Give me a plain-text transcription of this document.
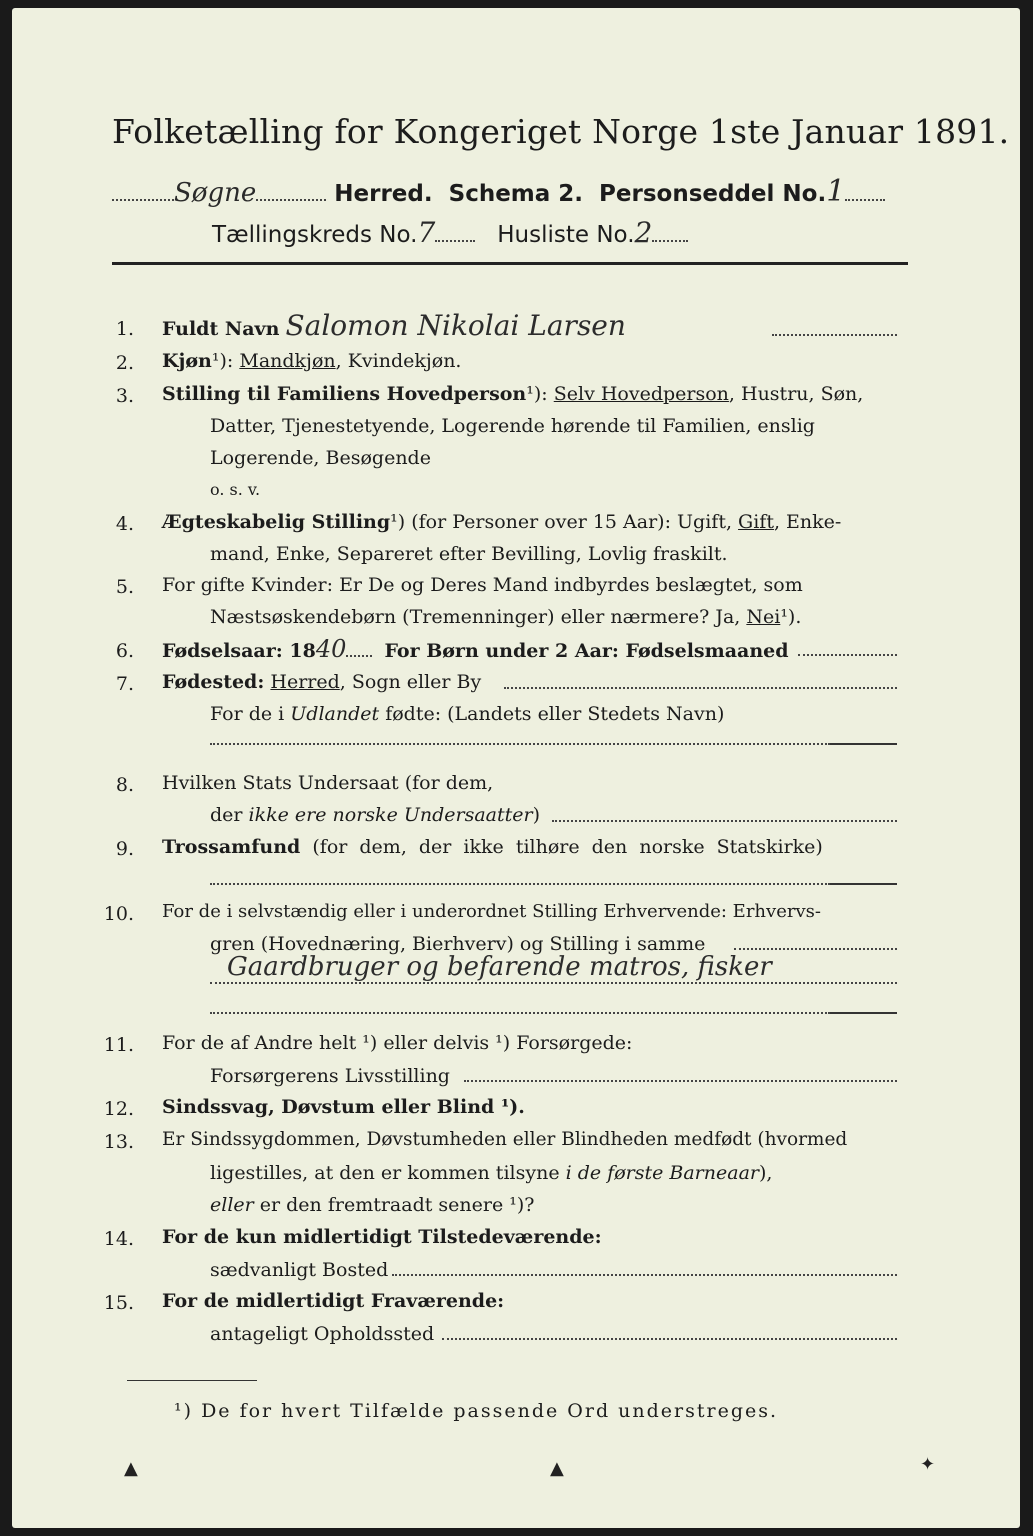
Folketælling for Kongeriget Norge 1ste Januar 1891.
Søgne	Herred. Schema 2. Personseddel No.1
Tællingskreds No.7	Husliste No.2
1. Fuldt Navn Salomon Nikolai Larsen
2. Kjøn¹): Mandkjøn, Kvindekjøn.
3. Stilling til Familiens Hovedperson¹): Selv Hovedperson, Hustru, Søn,
Datter, Tjenestetyende, Logerende hørende til Familien, enslig
Logerende, Besøgende
o. s. v.
4. Ægteskabelig Stilling¹) (for Personer over 15 Aar): Ugift, Gift, Enke-
mand, Enke, Separeret efter Bevilling, Lovlig fraskilt.
5. For gifte Kvinder: Er De og Deres Mand indbyrdes beslægtet, som
Næstsøskendebørn (Tremenninger) eller nærmere? Ja, Nei¹).
6. Fødselsaar: 1840 For Børn under 2 Aar: Fødselsmaaned
7. Fødested: Herred, Sogn eller By
For de i Udlandet fødte: (Landets eller Stedets Navn)
8. Hvilken Stats Undersaat (for dem,
der ikke ere norske Undersaatter)
9. Trossamfund (for dem, der ikke tilhøre den norske Statskirke)
10. For de i selvstændig eller i underordnet Stilling Erhvervende: Erhvervs-
gren (Hovednæring, Bierhverv) og Stilling i samme
Gaardbruger og befarende matros, fisker
11. For de af Andre helt ¹) eller delvis ¹) Forsørgede:
Forsørgerens Livsstilling
12. Sindssvag, Døvstum eller Blind ¹).
13. Er Sindssygdommen, Døvstumheden eller Blindheden medfødt (hvormed
ligestilles, at den er kommen tilsyne i de første Barneaar),
eller er den fremtraadt senere ¹)?
14. For de kun midlertidigt Tilstedeværende:
sædvanligt Bosted
15. For de midlertidigt Fraværende:
antageligt Opholdssted
¹) De for hvert Tilfælde passende Ord understreges.
▲	▲	✦
